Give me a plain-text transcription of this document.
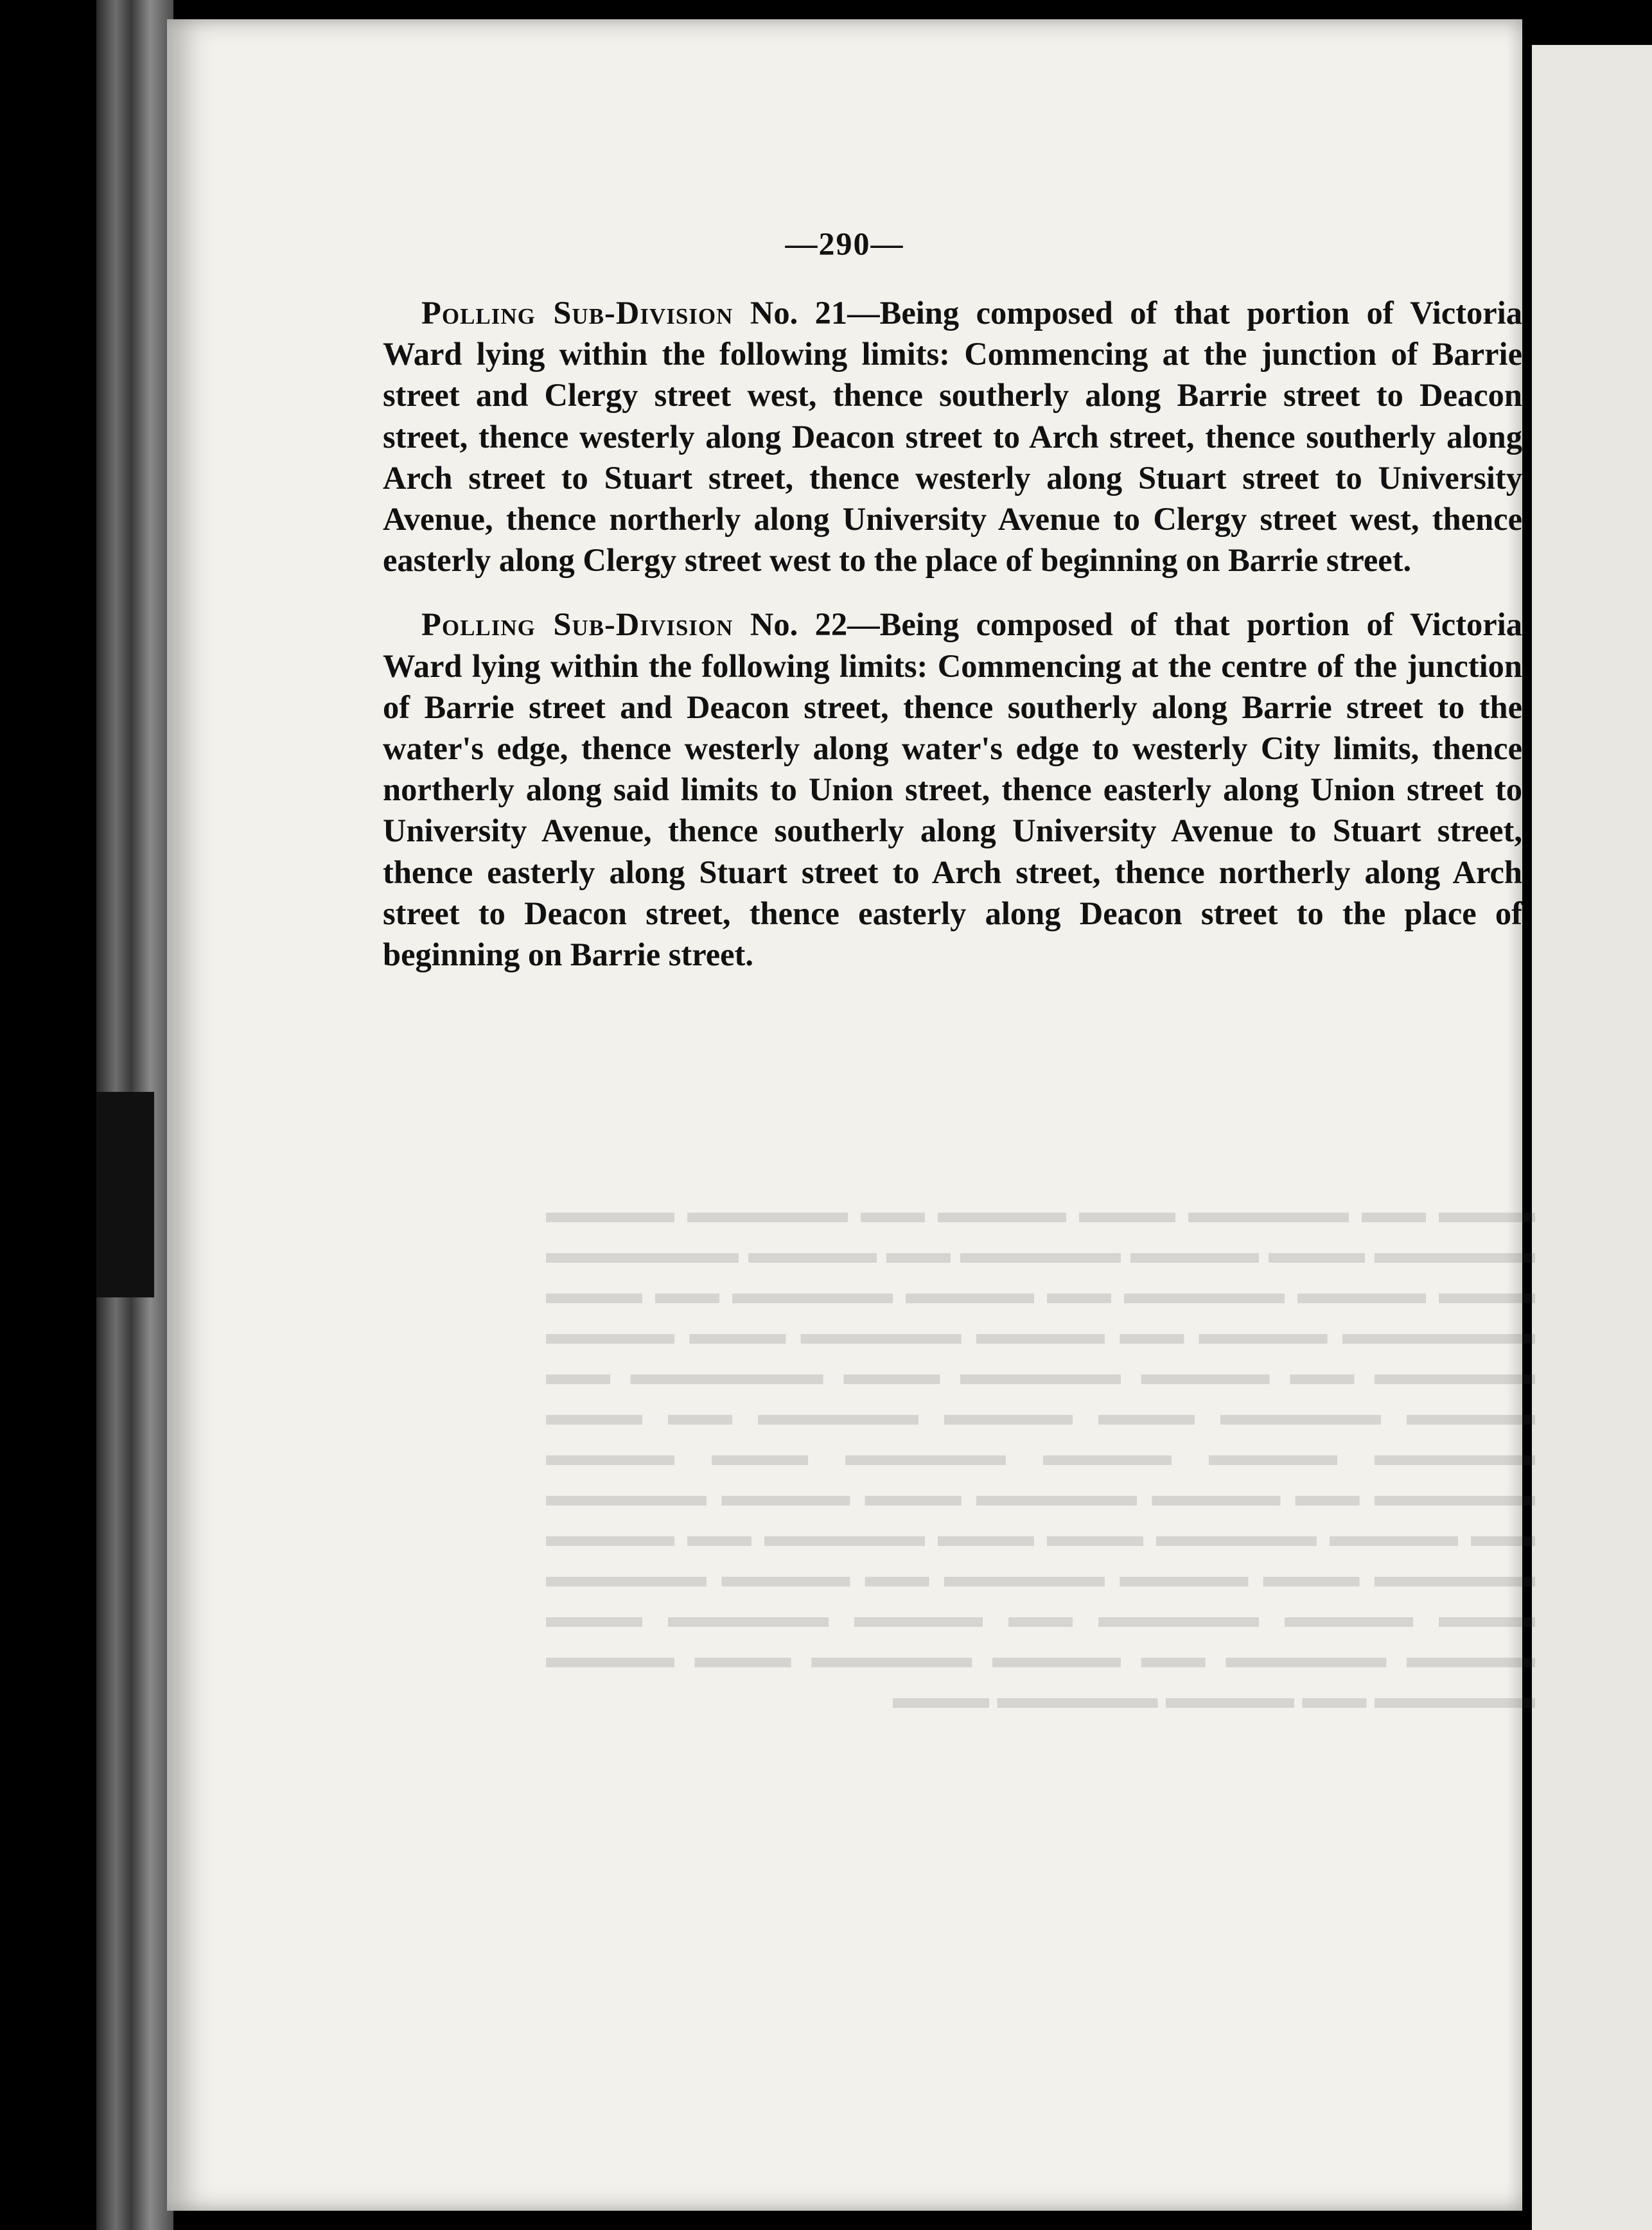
​▬▬▬ ▬▬ ▬▬▬▬▬ ▬▬▬ ▬▬▬▬ ▬▬ ▬▬▬▬▬ ▬▬▬▬ ▬▬▬▬▬ ▬▬▬ ▬▬▬▬ ▬▬▬▬▬ ▬▬ ▬▬▬▬ ▬▬▬▬▬▬ ▬▬▬ ▬▬▬▬ ▬▬▬▬▬ ▬▬ ▬▬▬▬ ▬▬▬▬▬ ▬▬ ▬▬▬ ▬▬▬▬▬▬ ▬▬▬▬ ▬▬ ▬▬▬▬ ▬▬▬▬▬ ▬▬▬ ▬▬▬▬ ▬▬▬▬▬ ▬▬ ▬▬▬▬ ▬▬▬▬▬ ▬▬▬ ▬▬▬▬▬▬ ▬▬ ▬▬▬▬ ▬▬▬▬▬ ▬▬▬ ▬▬▬▬ ▬▬▬▬▬ ▬▬ ▬▬▬ ▬▬▬▬▬ ▬▬▬▬ ▬▬▬▬ ▬▬▬▬▬ ▬▬▬ ▬▬▬▬ ▬▬▬▬▬ ▬▬ ▬▬▬▬ ▬▬▬▬▬ ▬▬▬ ▬▬▬▬ ▬▬▬▬▬ ▬▬ ▬▬▬▬ ▬▬▬▬▬ ▬▬▬ ▬▬▬ ▬▬▬▬▬ ▬▬ ▬▬▬▬ ▬▬▬▬▬ ▬▬▬ ▬▬▬▬ ▬▬▬▬▬ ▬▬ ▬▬▬▬ ▬▬▬▬▬ ▬▬▬ ▬▬▬▬ ▬▬▬▬▬ ▬▬ ▬▬▬▬ ▬▬▬▬▬ ▬▬▬ ▬▬▬▬ ▬▬▬▬▬ ▬▬ ▬▬▬▬ ▬▬▬▬▬ ▬▬▬ ▬▬▬▬ ▬▬▬▬▬ ▬▬ ▬▬▬▬ ▬▬▬▬▬ ▬▬▬
—290—

Polling Sub-Division No. 21—Being composed of that portion of Victoria Ward lying within the following limits: Commencing at the junction of Barrie street and Clergy street west, thence southerly along Barrie street to Deacon street, thence westerly along Deacon street to Arch street, thence southerly along Arch street to Stuart street, thence westerly along Stuart street to University Avenue, thence northerly along University Avenue to Clergy street west, thence easterly along Clergy street west to the place of beginning on Barrie street.

Polling Sub-Division No. 22—Being composed of that portion of Victoria Ward lying within the following limits: Commencing at the centre of the junction of Barrie street and Deacon street, thence southerly along Barrie street to the water's edge, thence westerly along water's edge to westerly City limits, thence northerly along said limits to Union street, thence easterly along Union street to University Avenue, thence southerly along University Avenue to Stuart street, thence easterly along Stuart street to Arch street, thence northerly along Arch street to Deacon street, thence easterly along Deacon street to the place of beginning on Barrie street.
